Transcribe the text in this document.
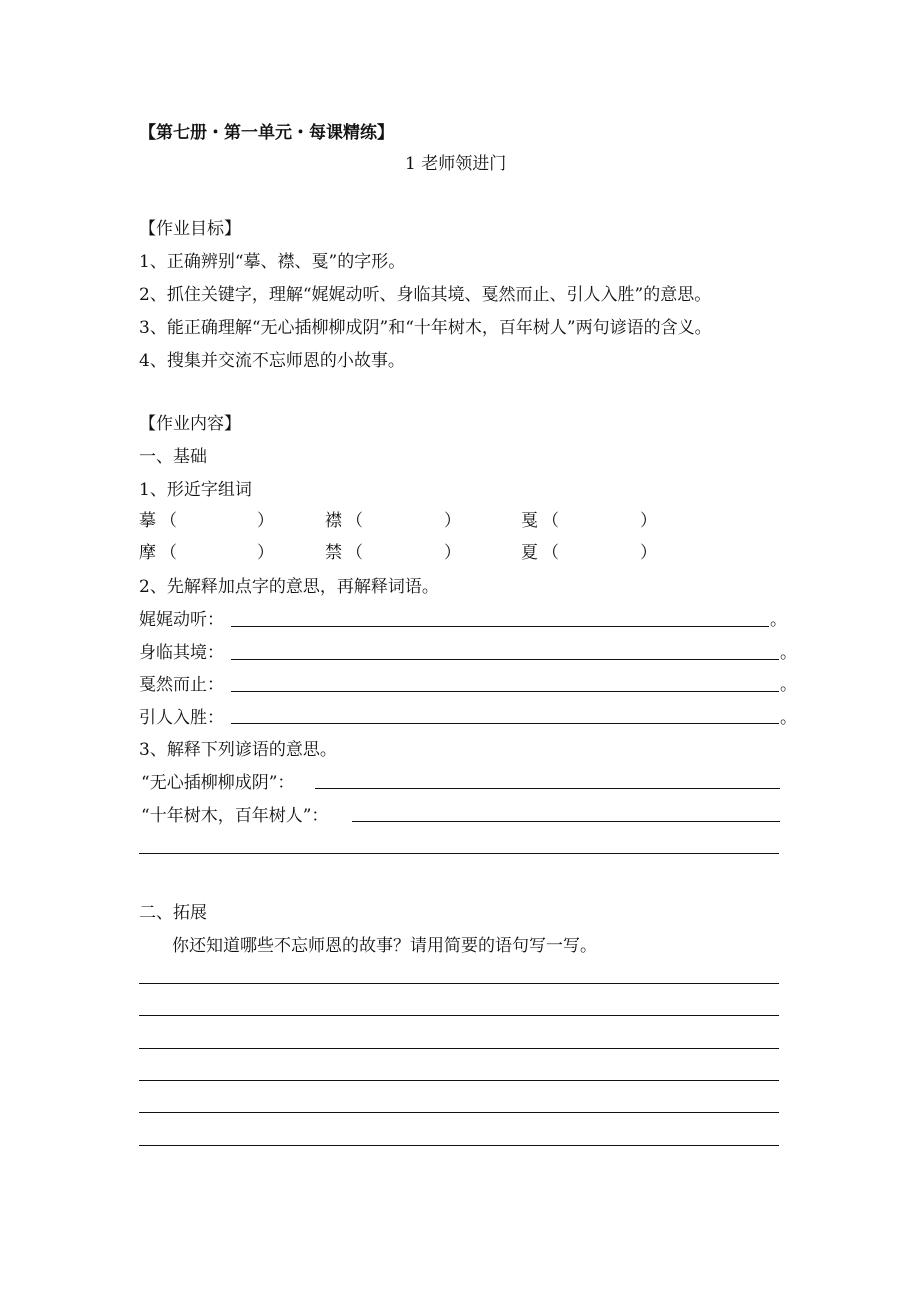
【第七册・第一单元・每课精练】
1 老师领进门
【作业目标】
1、正确辨别“摹、襟、戛”的字形。
2、抓住关键字，理解“娓娓动听、身临其境、戛然而止、引人入胜”的意思。
3、能正确理解“无心插柳柳成阴”和“十年树木，百年树人”两句谚语的含义。
4、搜集并交流不忘师恩的小故事。
【作业内容】
一、基础
1、形近字组词
摹 （	）	襟 （	）	戛 （	）
摩 （	）	禁 （	）	夏 （	）
2、先解释加点字的意思，再解释词语。
娓娓动听：	。
身临其境：	。
戛然而止：	。
引人入胜：	。
3、解释下列谚语的意思。
“无心插柳柳成阴”：
“十年树木，百年树人”：
二、拓展
你还知道哪些不忘师恩的故事？请用简要的语句写一写。
